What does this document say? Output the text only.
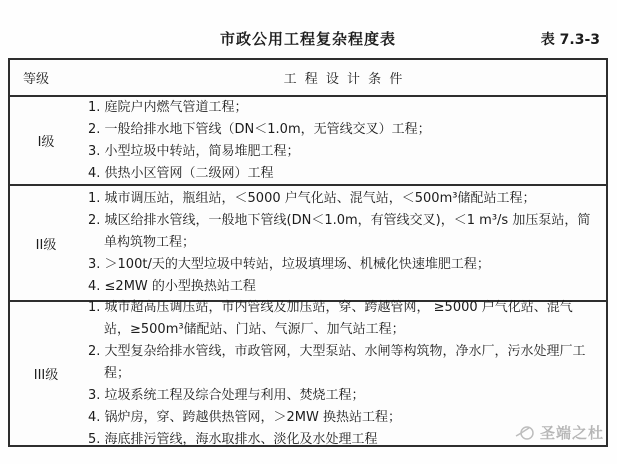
市政公用工程复杂程度表	表 7.3-3
等级	工 程 设 计 条 件
I级
1. 庭院户内燃气管道工程；
2. 一般给排水地下管线（DN＜1.0m，无管线交叉）工程；
3. 小型垃圾中转站，简易堆肥工程；
4. 供热小区管网（二级网）工程
II级
1. 城市调压站，瓶组站，＜5000 户气化站、混气站，＜500m³储配站工程；
2. 城区给排水管线，一般地下管线(DN＜1.0m，有管线交叉)，＜1 m³/s 加压泵站，简单构筑物工程；
3. ＞100t/天的大型垃圾中转站，垃圾填埋场、机械化快速堆肥工程；
4. ≤2MW 的小型换热站工程
III级
1. 城市超高压调压站，市内管线及加压站，穿、跨越管网， ≥5000 户气化站、混气站，≥500m³储配站、门站、气源厂、加气站工程；
2. 大型复杂给排水管线，市政管网，大型泵站、水闸等构筑物，净水厂，污水处理厂工程；
3. 垃圾系统工程及综合处理与利用、焚烧工程；
4. 锅炉房，穿、跨越供热管网，＞2MW 换热站工程；
5. 海底排污管线，海水取排水、淡化及水处理工程	圣端之杜
